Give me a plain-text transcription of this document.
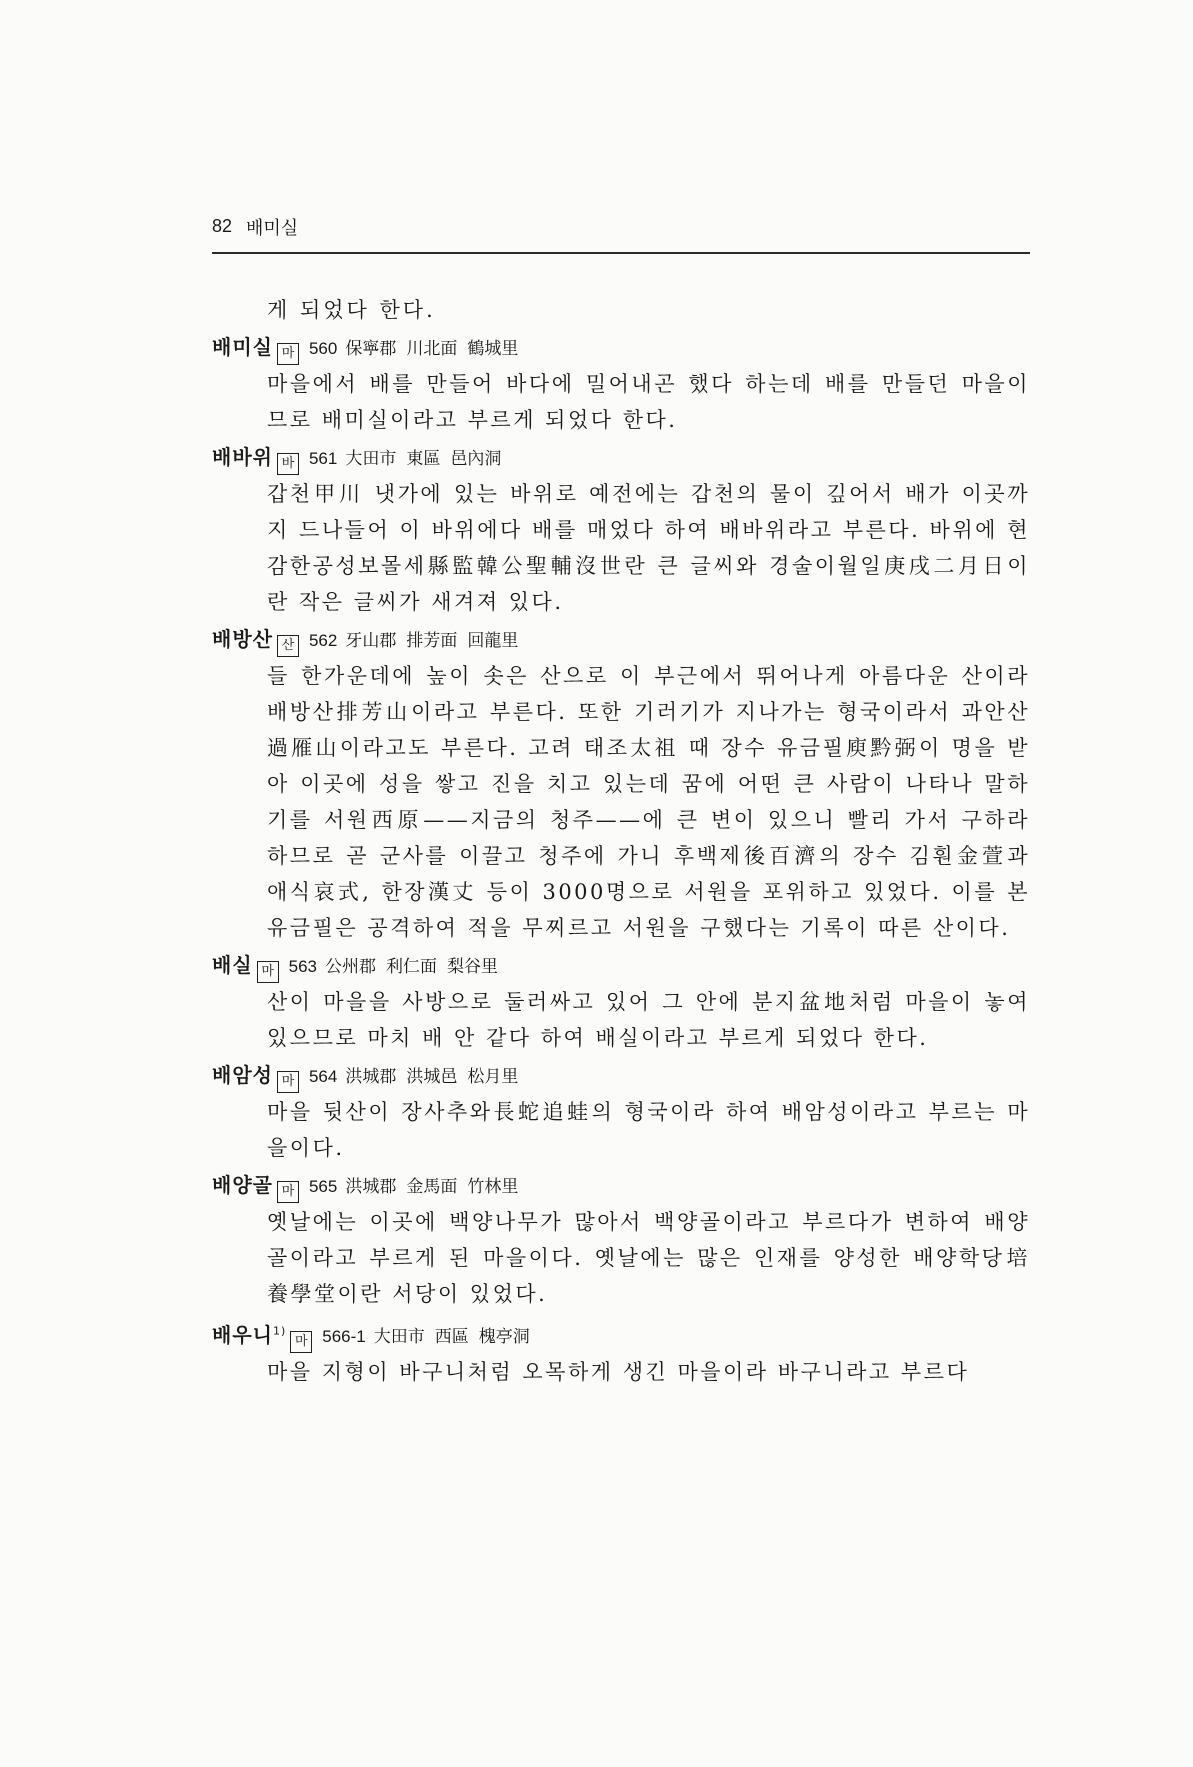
82 배미실
게 되었다 한다.
배미실 마 560 保寧郡 川北面 鶴城里
마을에서 배를 만들어 바다에 밀어내곤 했다 하는데 배를 만들던 마을이므로 배미실이라고 부르게 되었다 한다.
배바위 바 561 大田市 東區 邑內洞
갑천甲川 냇가에 있는 바위로 예전에는 갑천의 물이 깊어서 배가 이곳까지 드나들어 이 바위에다 배를 매었다 하여 배바위라고 부른다. 바위에 현감한공성보몰세縣監韓公聖輔沒世란 큰 글씨와 경술이월일庚戌二月日이란 작은 글씨가 새겨져 있다.
배방산 산 562 牙山郡 排芳面 回龍里
들 한가운데에 높이 솟은 산으로 이 부근에서 뛰어나게 아름다운 산이라 배방산排芳山이라고 부른다. 또한 기러기가 지나가는 형국이라서 과안산過雁山이라고도 부른다. 고려 태조太祖 때 장수 유금필庾黔弼이 명을 받아 이곳에 성을 쌓고 진을 치고 있는데 꿈에 어떤 큰 사람이 나타나 말하기를 서원西原——지금의 청주——에 큰 변이 있으니 빨리 가서 구하라 하므로 곧 군사를 이끌고 청주에 가니 후백제後百濟의 장수 김훤金萱과 애식哀式, 한장漢丈 등이 3000명으로 서원을 포위하고 있었다. 이를 본 유금필은 공격하여 적을 무찌르고 서원을 구했다는 기록이 따른 산이다.
배실 마 563 公州郡 利仁面 梨谷里
산이 마을을 사방으로 둘러싸고 있어 그 안에 분지盆地처럼 마을이 놓여 있으므로 마치 배 안 같다 하여 배실이라고 부르게 되었다 한다.
배암성 마 564 洪城郡 洪城邑 松月里
마을 뒷산이 장사추와長蛇追蛙의 형국이라 하여 배암성이라고 부르는 마을이다.
배양골 마 565 洪城郡 金馬面 竹林里
옛날에는 이곳에 백양나무가 많아서 백양골이라고 부르다가 변하여 배양골이라고 부르게 된 마을이다. 옛날에는 많은 인재를 양성한 배양학당培養學堂이란 서당이 있었다.
배우니$^{1)}$마 566-1 大田市 西區 槐亭洞
마을 지형이 바구니처럼 오목하게 생긴 마을이라 바구니라고 부르다
